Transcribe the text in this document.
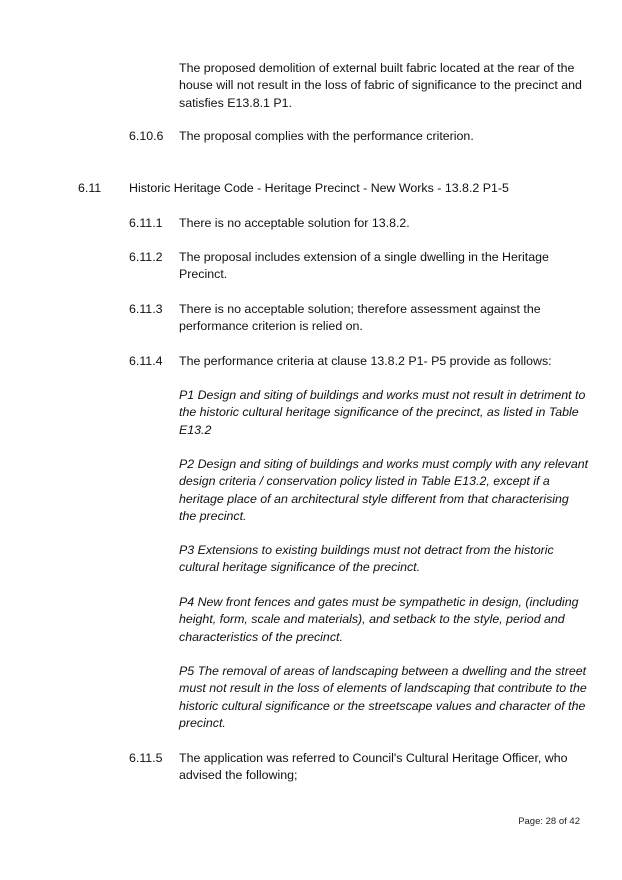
The proposed demolition of external built fabric located at the rear of the house will not result in the loss of fabric of significance to the precinct and satisfies E13.8.1 P1.

6.10.6 The proposal complies with the performance criterion.

6.11 Historic Heritage Code - Heritage Precinct - New Works - 13.8.2 P1-5
6.11.1 There is no acceptable solution for 13.8.2.

6.11.2 The proposal includes extension of a single dwelling in the Heritage Precinct.

6.11.3 There is no acceptable solution; therefore assessment against the performance criterion is relied on.

6.11.4 The performance criteria at clause 13.8.2 P1- P5 provide as follows:

P1 Design and siting of buildings and works must not result in detriment to the historic cultural heritage significance of the precinct, as listed in Table E13.2

P2 Design and siting of buildings and works must comply with any relevant design criteria / conservation policy listed in Table E13.2, except if a heritage place of an architectural style different from that characterising the precinct.

P3 Extensions to existing buildings must not detract from the historic cultural heritage significance of the precinct.

P4 New front fences and gates must be sympathetic in design, (including height, form, scale and materials), and setback to the style, period and characteristics of the precinct.

P5 The removal of areas of landscaping between a dwelling and the street must not result in the loss of elements of landscaping that contribute to the historic cultural significance or the streetscape values and character of the precinct.

6.11.5 The application was referred to Council's Cultural Heritage Officer, who advised the following;

Page: 28 of 42
